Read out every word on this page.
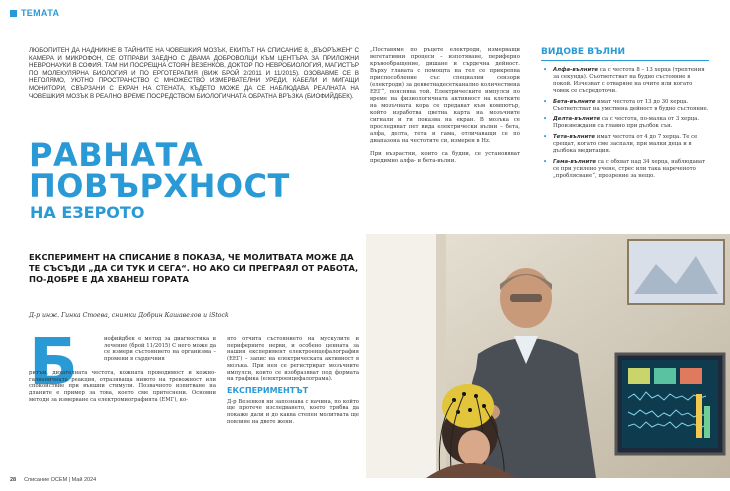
ТЕМАТА

ЛЮБОПИТЕН ДА НАДНИКНЕ В ТАЙНИТЕ НА ЧОВЕШКИЯ МОЗЪК, ЕКИПЪТ НА СПИСАНИЕ 8, „ВЪОРЪЖЕН“ С КАМЕРА И МИКРОФОН, СЕ ОТПРАВИ ЗАЕДНО С ДВАМА ДОБРОВОЛЦИ КЪМ ЦЕНТЪРА ЗА ПРИЛОЖНИ НЕВРОНАУКИ В СОФИЯ. ТАМ НИ ПОСРЕЩНА СТОЯН ВЕЗЕНКОВ, ДОКТОР ПО НЕВРОБИОЛОГИЯ, МАГИСТЪР ПО МОЛЕКУЛЯРНА БИОЛОГИЯ И ПО ЕРГОТЕРАПИЯ (ВИЖ БРОЙ 2/2011 И 11/2015). ОЗОВАВМЕ СЕ В НЕГОЛЯМО, УЮТНО ПРОСТРАНСТВО С МНОЖЕСТВО ИЗМЕРВАТЕЛНИ УРЕДИ, КАБЕЛИ И МИГАЩИ МОНИТОРИ, СВЪРЗАНИ С ЕКРАН НА СТЕНАТА, КЪДЕТО МОЖЕ ДА СЕ НАБЛЮДАВА РЕАЛНАТА НА ЧОВЕШКИЯ МОЗЪК В РЕАЛНО ВРЕМЕ ПОСРЕДСТВОМ БИОЛОГИЧНАТА ОБРАТНА ВРЪЗКА (БИОФИЙДБЕК).

РАВНАТА
ПОВЪРХНОСТ
НА ЕЗЕРОТО
ЕКСПЕРИМЕНТ НА СПИСАНИЕ 8 ПОКАЗА, ЧЕ МОЛИТВАТА МОЖЕ ДА ТЕ СЪСЪДИ „ДА СИ ТУК И СЕГА“. НО АКО СИ ПРЕГРАЯЛ ОТ РАБОТА, ПО-ДОБРЕ Е ДА ХВАНЕШ ГОРАТА
Д-р инж. Гинка Стоева, снимки Добрин Кашавелов и iStock
Б	иофийдбек е метод за диагностика и лечение (брой 11/2015) С него може да се измери състоянието на организма – промени в сърдечния
ритъм, дихателната честота, кожната проводимост и кожно-галваничната реакция, отразяваща нивото на тревожност или спокойствие при външни стимули. Позвачното изпитване на дланите е пример за това, което сме притеснени. Основни методи за измерване са електромиографията (ЕМГ), ко-

ято отчита състоянието на мускулите и периферните нерви, и особено ценната за нашия експеримент електроенцефалография (ЕЕГ) – запис на електрическата активност в мозъка. При нея се регистрират мозъчните импулси, които се изобразяват под формата на графика (електроенцефалограма).

ЕКСПЕРИМЕНТЪТ

Д-р Везенков ни запознава с начина, по който ще протече изследването, което трябва да покаже дали и до каква степен молитвата ще повлияе на двете жени.

„Поставяме по ръцете електроди, измерващи вегетативни процеси – изпотяване, периферно кръвообращение, дишане и сърдечна дейност. Върху главата с помощта на гел се прикрепва приспособление със специални сензори (електроди) за девветнадесетканалнo количествена ЕЕГ“, пояснява той. Електрическите импулси по време на физиологичната активност на клетките на мозъчната кора се предават към компютър, който изработва цветна карта на мозъчните сигнали и ги показва на екран. В мозъка се проследяват пет вида електрически вълни – бета, алфа, делта, тета и гама, отличаващи се по диапазона на честотите си, измерен в Hz.

При възрастни, които са будни, се установяват предимно алфа- и бета-вълни.

ВИДОВЕ ВЪЛНИ
• Алфа-вълните са с честота 8 – 13 херца (трептения за секунда). Съответстват на будно състояние в покой. Изчезват с отваряне на очите или когато човек се съсредоточи.
• Бета-вълните имат честота от 13 до 30 херца. Съответстват на умствена дейност в будно състояние.
• Делта-вълните са с честота, по-малка от 3 херца. Произвеждани са главно при дълбок сън.
• Тета-вълните имат честота от 4 до 7 херца. Те се срещат, когато сме заспали, при малки деца и в дълбока медитация.
• Гама-вълните са с обхват над 34 херца, наблюдават се при усилено учене, стрес или така нареченото „проблясване“, прозрение за нещо.
28 Списание ОСЕМ | Май 2024
